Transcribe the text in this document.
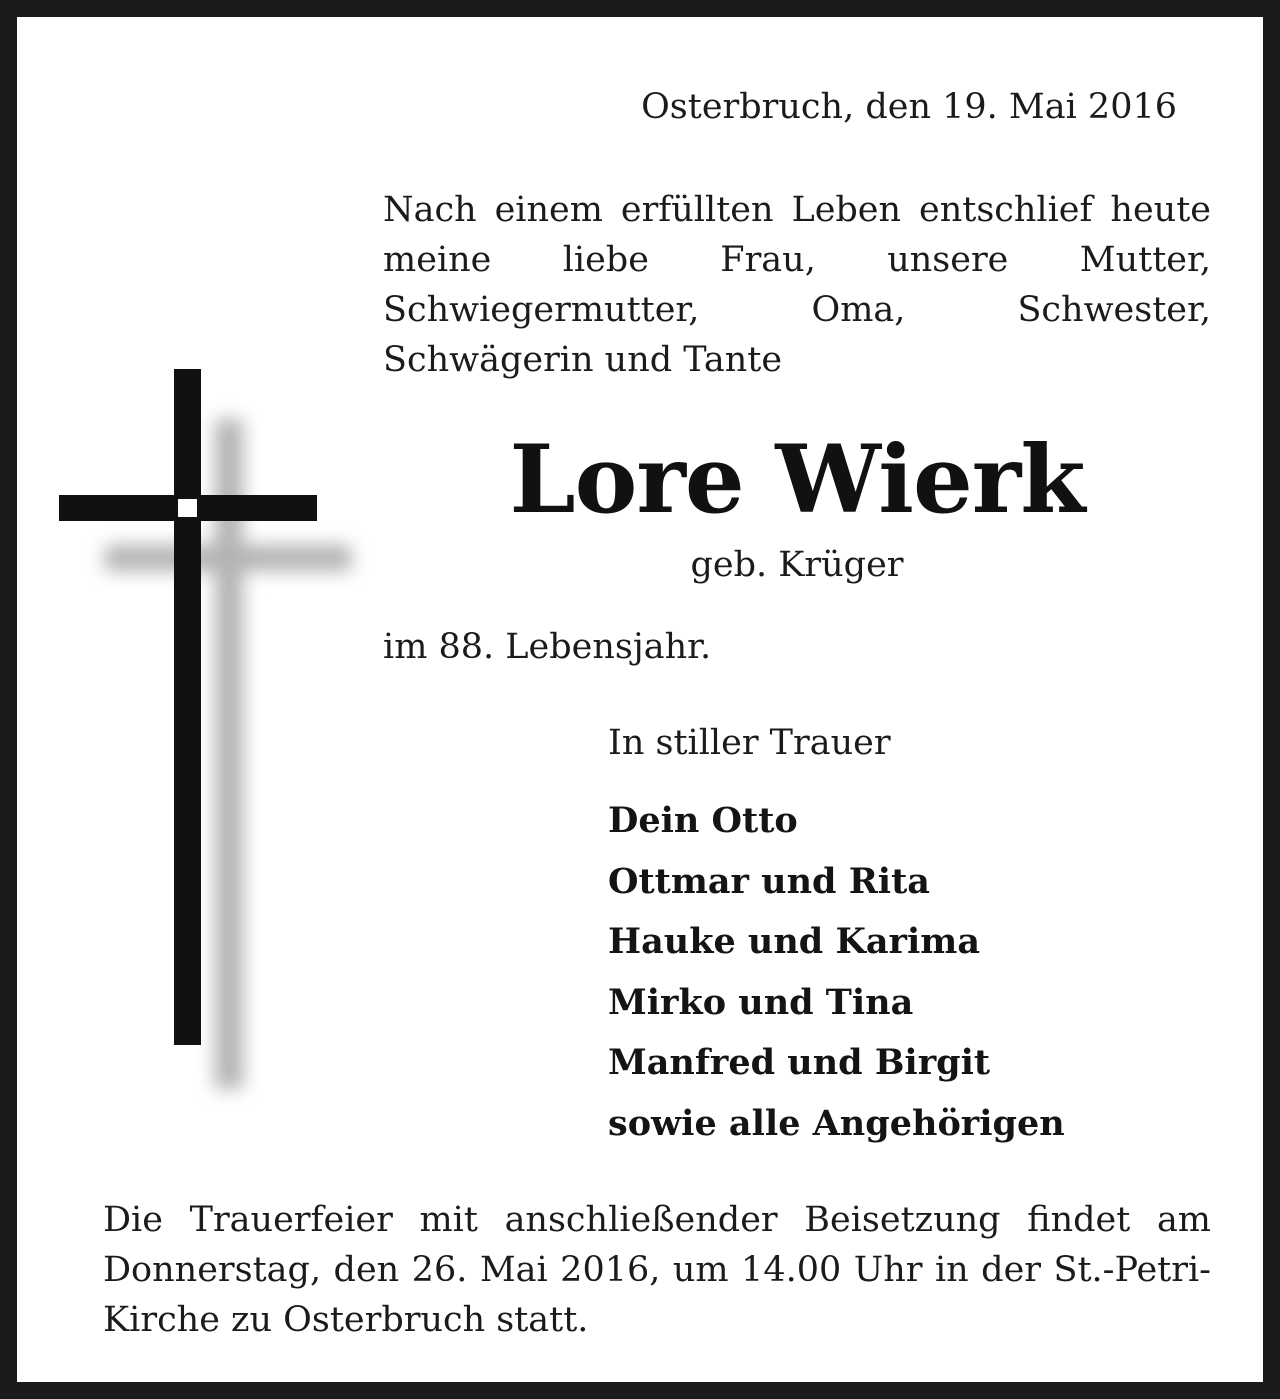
Osterbruch, den 19. Mai 2016
Nach einem erfüllten Leben entschlief heute meine liebe Frau, unsere Mutter, Schwiegermutter, Oma, Schwester, Schwägerin und Tante
Lore Wierk
geb. Krüger
im 88. Lebensjahr.
In stiller Trauer
Dein Otto
Ottmar und Rita
Hauke und Karima
Mirko und Tina
Manfred und Birgit
sowie alle Angehörigen
Die Trauerfeier mit anschließender Beisetzung findet am Donnerstag, den 26. Mai 2016, um 14.00 Uhr in der St.-Petri-Kirche zu Osterbruch statt.
